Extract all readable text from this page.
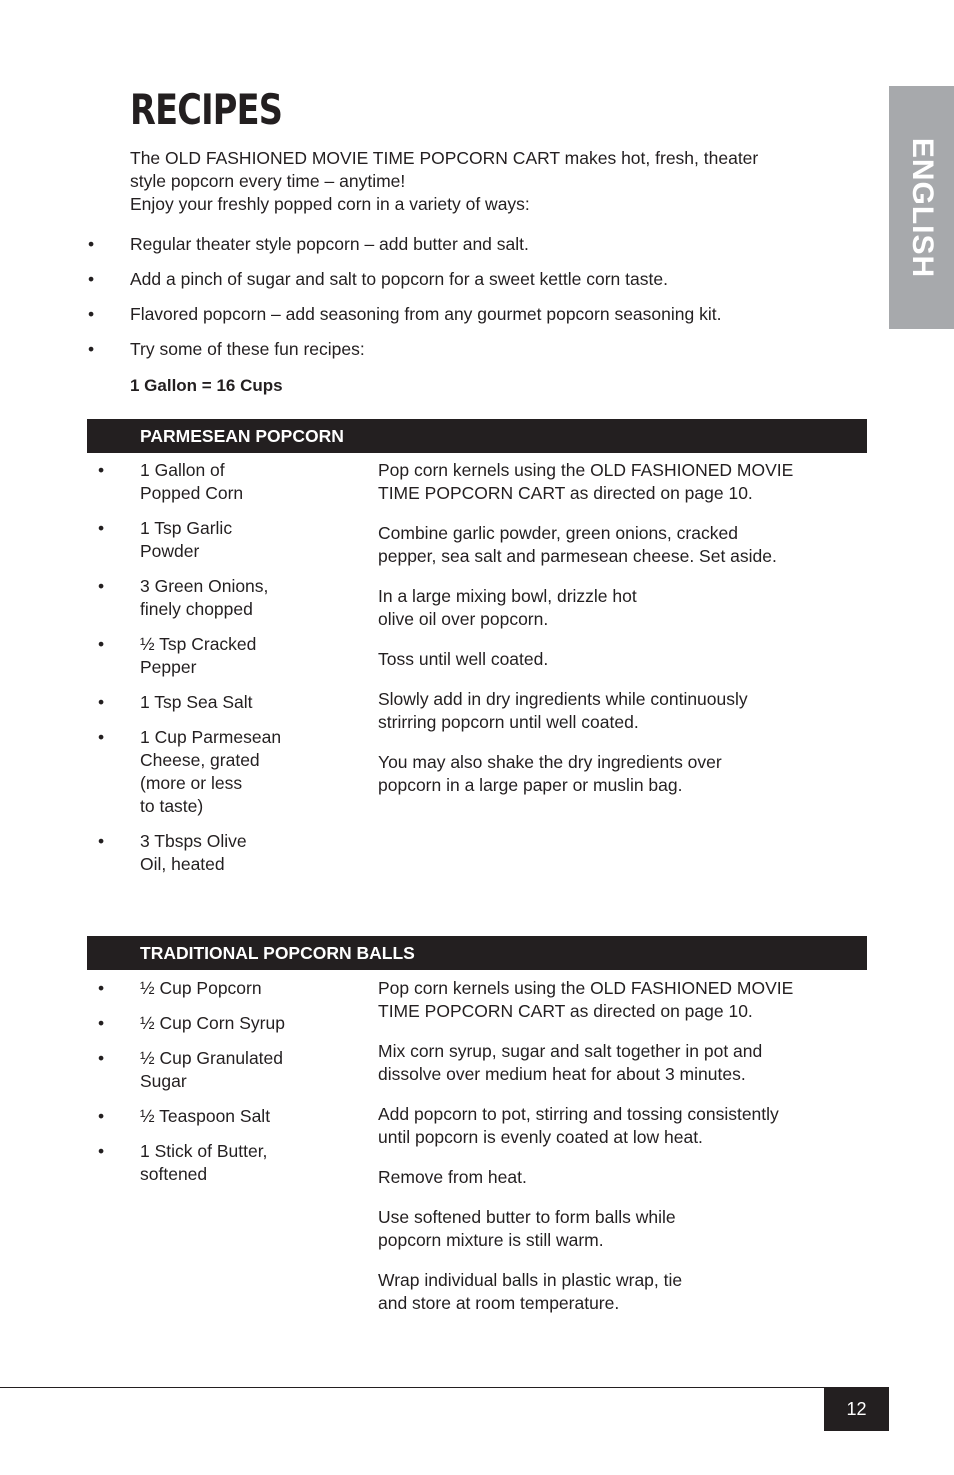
RECIPES
ENGLISH

The OLD FASHIONED MOVIE TIME POPCORN CART makes hot, fresh, theater

style popcorn every time – anytime!

Enjoy your freshly popped corn in a variety of ways:

• Regular theater style popcorn – add butter and salt.
• Add a pinch of sugar and salt to popcorn for a sweet kettle corn taste.
• Flavored popcorn – add seasoning from any gourmet popcorn seasoning kit.
• Try some of these fun recipes:
1 Gallon = 16 Cups
PARMESEAN POPCORN
• 1 Gallon of
Popped Corn
• 1 Tsp Garlic
Powder
• 3 Green Onions,
finely chopped
• ½ Tsp Cracked
Pepper
• 1 Tsp Sea Salt
• 1 Cup Parmesean
Cheese, grated
(more or less
to taste)
• 3 Tbsps Olive
Oil, heated

Pop corn kernels using the OLD FASHIONED MOVIE
TIME POPCORN CART as directed on page 10.

Combine garlic powder, green onions, cracked
pepper, sea salt and parmesean cheese. Set aside.

In a large mixing bowl, drizzle hot
olive oil over popcorn.

Toss until well coated.

Slowly add in dry ingredients while continuously
strirring popcorn until well coated.

You may also shake the dry ingredients over
popcorn in a large paper or muslin bag.

TRADITIONAL POPCORN BALLS
• ½ Cup Popcorn
• ½ Cup Corn Syrup
• ½ Cup Granulated
Sugar
• ½ Teaspoon Salt
• 1 Stick of Butter,
softened

Pop corn kernels using the OLD FASHIONED MOVIE
TIME POPCORN CART as directed on page 10.

Mix corn syrup, sugar and salt together in pot and
dissolve over medium heat for about 3 minutes.

Add popcorn to pot, stirring and tossing consistently
until popcorn is evenly coated at low heat.

Remove from heat.

Use softened butter to form balls while
popcorn mixture is still warm.

Wrap individual balls in plastic wrap, tie
and store at room temperature.

12
